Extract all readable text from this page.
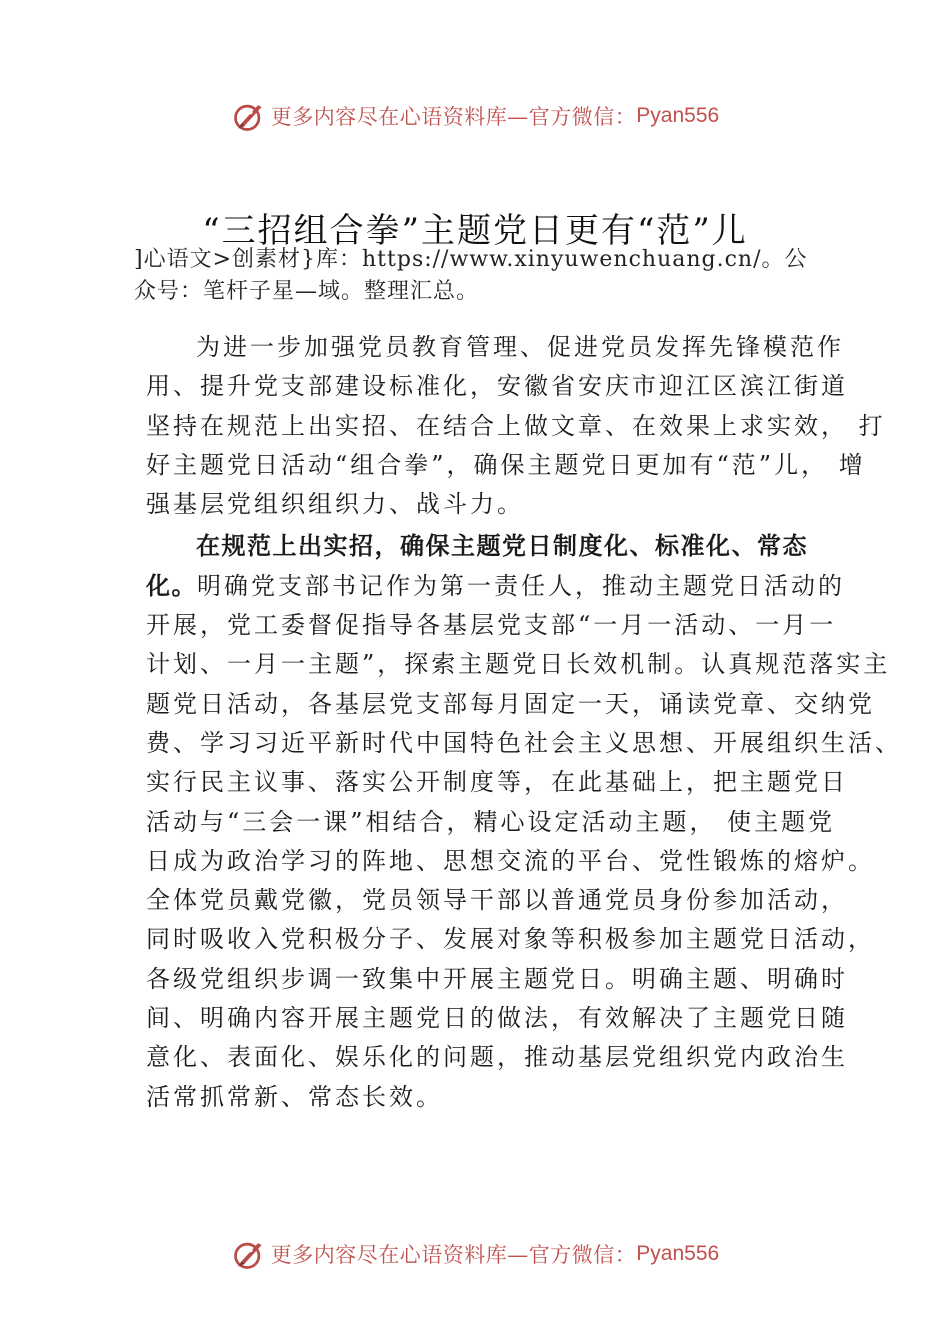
更多内容尽在心语资料库—官方微信： Pyan556
“三招组合拳”主题党日更有“范”儿
]心语文>创素材}库：https://www.xinyuwenchuang.cn/。公众号：笔杆子星—域。整理汇总。
为进一步加强党员教育管理、促进党员发挥先锋模范作
用、提升党支部建设标准化，安徽省安庆市迎江区滨江街道
坚持在规范上出实招、在结合上做文章、在效果上求实效， 打
好主题党日活动“组合拳”，确保主题党日更加有“范”儿， 增
强基层党组织组织力、战斗力。
在规范上出实招，确保主题党日制度化、标准化、常态
化。明确党支部书记作为第一责任人，推动主题党日活动的
开展，党工委督促指导各基层党支部“一月一活动、一月一
计划、一月一主题”，探索主题党日长效机制。认真规范落实主
题党日活动，各基层党支部每月固定一天，诵读党章、交纳党
费、学习习近平新时代中国特色社会主义思想、开展组织生活、
实行民主议事、落实公开制度等，在此基础上，把主题党日
活动与“三会一课”相结合，精心设定活动主题， 使主题党
日成为政治学习的阵地、思想交流的平台、党性锻炼的熔炉。
全体党员戴党徽，党员领导干部以普通党员身份参加活动，
同时吸收入党积极分子、发展对象等积极参加主题党日活动，
各级党组织步调一致集中开展主题党日。明确主题、明确时
间、明确内容开展主题党日的做法，有效解决了主题党日随
意化、表面化、娱乐化的问题，推动基层党组织党内政治生
活常抓常新、常态长效。
更多内容尽在心语资料库—官方微信： Pyan556
